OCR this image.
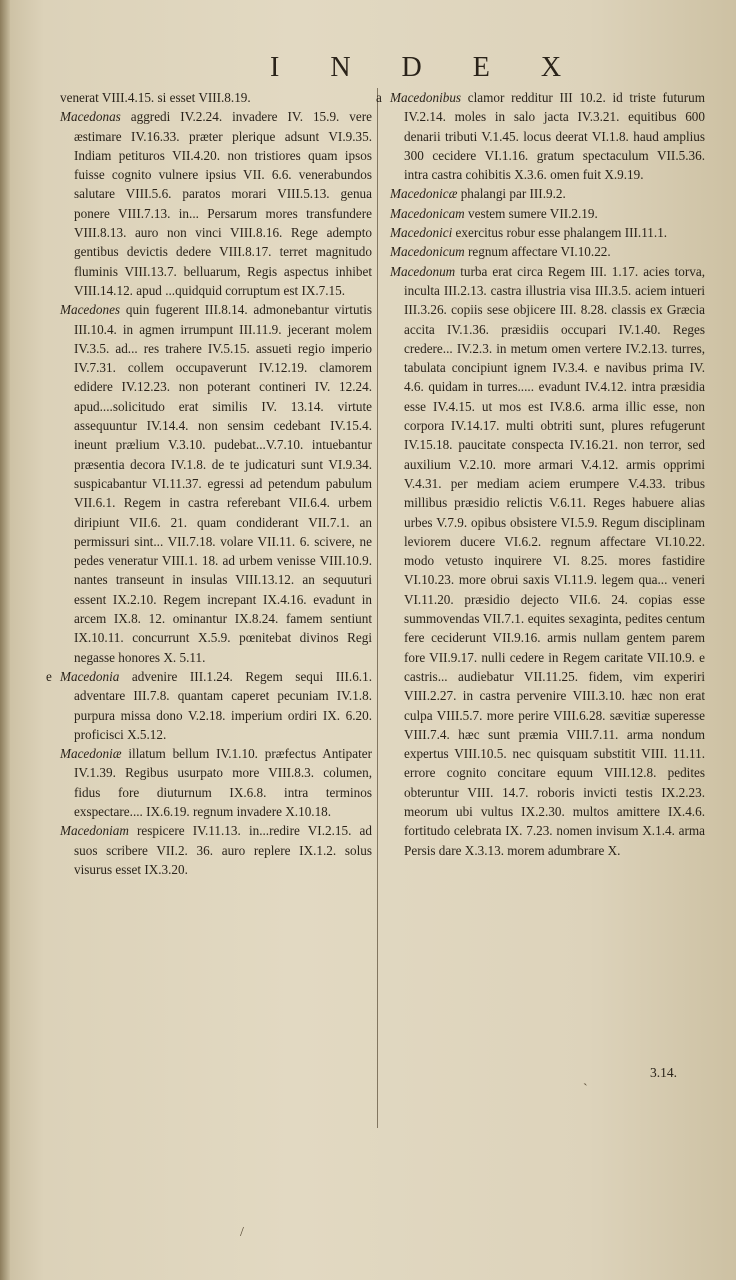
I N D E X

venerat VIII.4.15. si esset VIII.8.19.

Macedonas aggredi IV.2.24. invadere IV. 15.9. vere æstimare IV.16.33. præter plerique adsunt VI.9.35. Indiam petituros VII.4.20. non tristiores quam ipsos fuisse cognito vulnere ipsius VII. 6.6. venerabundos salutare VIII.5.6. paratos morari VIII.5.13. genua ponere VIII.7.13. in... Persarum mores transfundere VIII.8.13. auro non vinci VIII.8.16. Rege adempto gentibus devictis dedere VIII.8.17. terret magnitudo fluminis VIII.13.7. belluarum, Regis aspectus inhibet VIII.14.12. apud ...quidquid corruptum est IX.7.15.

Macedones quin fugerent III.8.14. admonebantur virtutis III.10.4. in agmen irrumpunt III.11.9. jecerant molem IV.3.5. ad... res trahere IV.5.15. assueti regio imperio IV.7.31. collem occupaverunt IV.12.19. clamorem edidere IV.12.23. non poterant contineri IV. 12.24. apud....solicitudo erat similis IV. 13.14. virtute assequuntur IV.14.4. non sensim cedebant IV.15.4. ineunt prælium V.3.10. pudebat...V.7.10. intuebantur præsentia decora IV.1.8. de te judicaturi sunt VI.9.34. suspicabantur VI.11.37. egressi ad petendum pabulum VII.6.1. Regem in castra referebant VII.6.4. urbem diripiunt VII.6. 21. quam condiderant VII.7.1. an permissuri sint... VII.7.18. volare VII.11. 6. scivere, ne pedes veneratur VIII.1. 18. ad urbem venisse VIII.10.9. nantes transeunt in insulas VIII.13.12. an sequuturi essent IX.2.10. Regem increpant IX.4.16. evadunt in arcem IX.8. 12. ominantur IX.8.24. famem sentiunt IX.10.11. concurrunt X.5.9. pœnitebat divinos Regi negasse honores X. 5.11.

e Macedonia advenire III.1.24. Regem sequi III.6.1. adventare III.7.8. quantam caperet pecuniam IV.1.8. purpura missa dono V.2.18. imperium ordiri IX. 6.20. proficisci X.5.12.

Macedoniæ illatum bellum IV.1.10. præfectus Antipater IV.1.39. Regibus usurpato more VIII.8.3. columen, fidus fore diuturnum IX.6.8. intra terminos exspectare.... IX.6.19. regnum invadere X.10.18.

Macedoniam respicere IV.11.13. in...redire VI.2.15. ad suos scribere VII.2. 36. auro replere IX.1.2. solus visurus esset IX.3.20.

a Macedonibus clamor redditur III 10.2. id triste futurum IV.2.14. moles in salo jacta IV.3.21. equitibus 600 denarii tributi V.1.45. locus deerat VI.1.8. haud amplius 300 cecidere VI.1.16. gratum spectaculum VII.5.36. intra castra cohibitis X.3.6. omen fuit X.9.19.

Macedonicæ phalangi par III.9.2.

Macedonicam vestem sumere VII.2.19.

Macedonici exercitus robur esse phalangem III.11.1.

Macedonicum regnum affectare VI.10.22.

Macedonum turba erat circa Regem III. 1.17. acies torva, inculta III.2.13. castra illustria visa III.3.5. aciem intueri III.3.26. copiis sese objicere III. 8.28. classis ex Græcia accita IV.1.36. præsidiis occupari IV.1.40. Reges credere... IV.2.3. in metum omen vertere IV.2.13. turres, tabulata concipiunt ignem IV.3.4. e navibus prima IV. 4.6. quidam in turres..... evadunt IV.4.12. intra præsidia esse IV.4.15. ut mos est IV.8.6. arma illic esse, non corpora IV.14.17. multi obtriti sunt, plures refugerunt IV.15.18. paucitate conspecta IV.16.21. non terror, sed auxilium V.2.10. more armari V.4.12. armis opprimi V.4.31. per mediam aciem erumpere V.4.33. tribus millibus præsidio relictis V.6.11. Reges habuere alias urbes V.7.9. opibus obsistere VI.5.9. Regum disciplinam leviorem ducere VI.6.2. regnum affectare VI.10.22. modo vetusto inquirere VI. 8.25. mores fastidire VI.10.23. more obrui saxis VI.11.9. legem qua... veneri VI.11.20. præsidio dejecto VII.6. 24. copias esse summovendas VII.7.1. equites sexaginta, pedites centum fere ceciderunt VII.9.16. armis nullam gentem parem fore VII.9.17. nulli cedere in Regem caritate VII.10.9. e castris... audiebatur VII.11.25. fidem, vim experiri VIII.2.27. in castra pervenire VIII.3.10. hæc non erat culpa VIII.5.7. more perire VIII.6.28. sævitiæ superesse VIII.7.4. hæc sunt præmia VIII.7.11. arma nondum expertus VIII.10.5. nec quisquam substitit VIII. 11.11. errore cognito concitare equum VIII.12.8. pedites obteruntur VIII. 14.7. roboris invicti testis IX.2.23. meorum ubi vultus IX.2.30. multos amittere IX.4.6. fortitudo celebrata IX. 7.23. nomen invisum X.1.4. arma Persis dare X.3.13. morem adumbrare X.

3.14.
`
/
